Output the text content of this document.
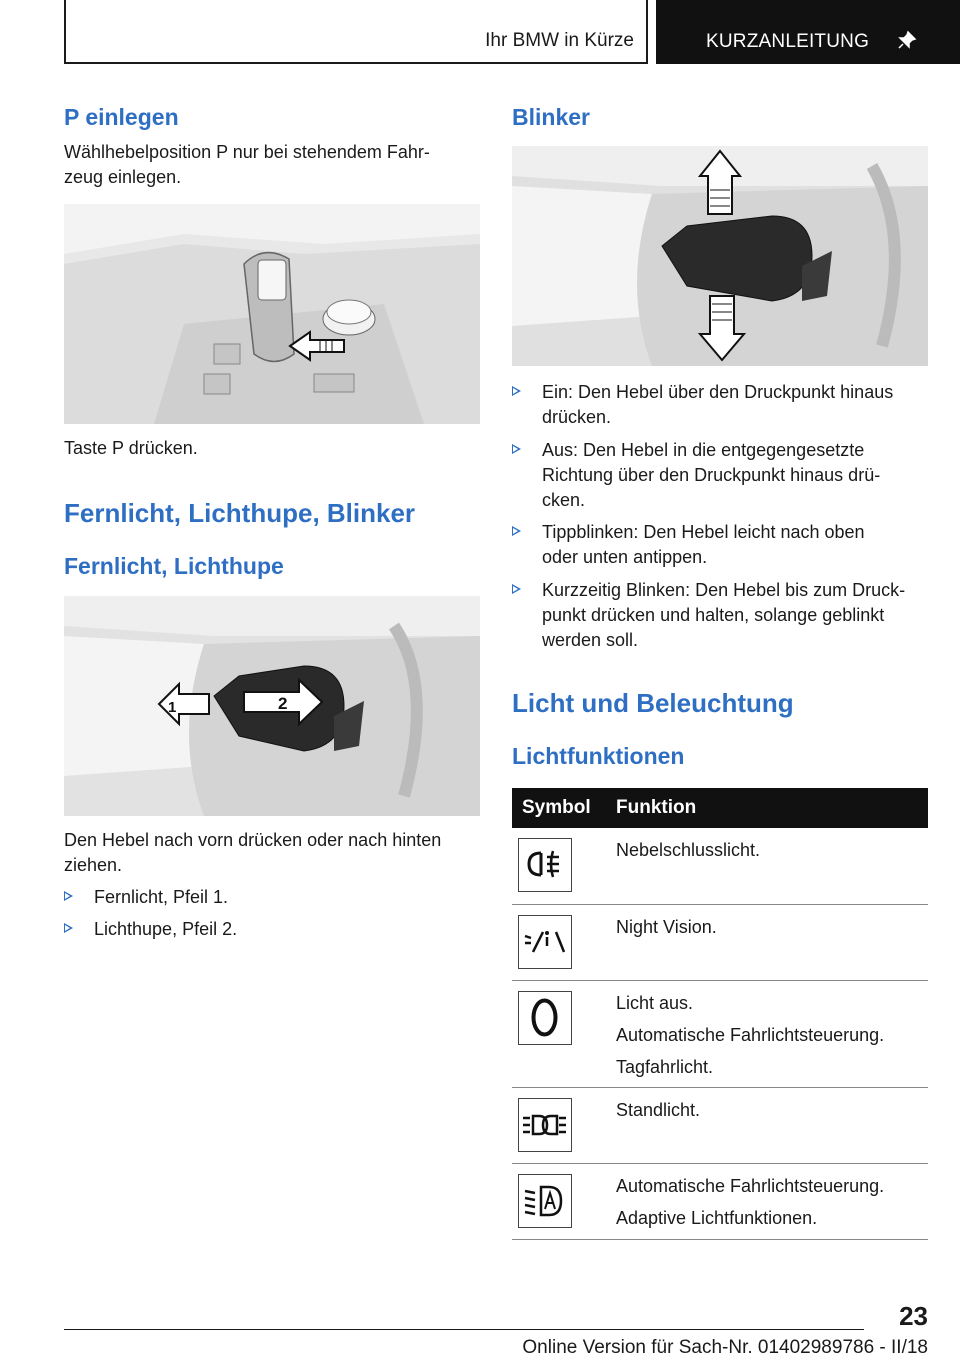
Ihr BMW in Kürze	KURZANLEITUNG
P einlegen

Wählhebelposition P nur bei stehendem Fahr-

zeug einlegen.

Taste P drücken.

Fernlicht, Lichthupe, Blinker
Fernlicht, Lichthupe
1	2

Den Hebel nach vorn drücken oder nach hinten

ziehen.

Fernlicht, Pfeil 1.
Lichthupe, Pfeil 2.
Blinker
Ein: Den Hebel über den Druckpunkt hinaus
drücken.
Aus: Den Hebel in die entgegengesetzte
Richtung über den Druckpunkt hinaus drü-
cken.
Tippblinken: Den Hebel leicht nach oben
oder unten antippen.
Kurzzeitig Blinken: Den Hebel bis zum Druck-
punkt drücken und halten, solange geblinkt
werden soll.
Licht und Beleuchtung
Lichtfunktionen
Symbol	Funktion

Nebelschlusslicht.

Night Vision.

Licht aus.
Automatische Fahrlichtsteuerung.
Tagfahrlicht.

Standlicht.

Automatische Fahrlichtsteuerung.
Adaptive Lichtfunktionen.
23
Online Version für Sach-Nr. 01402989786 - II/18
